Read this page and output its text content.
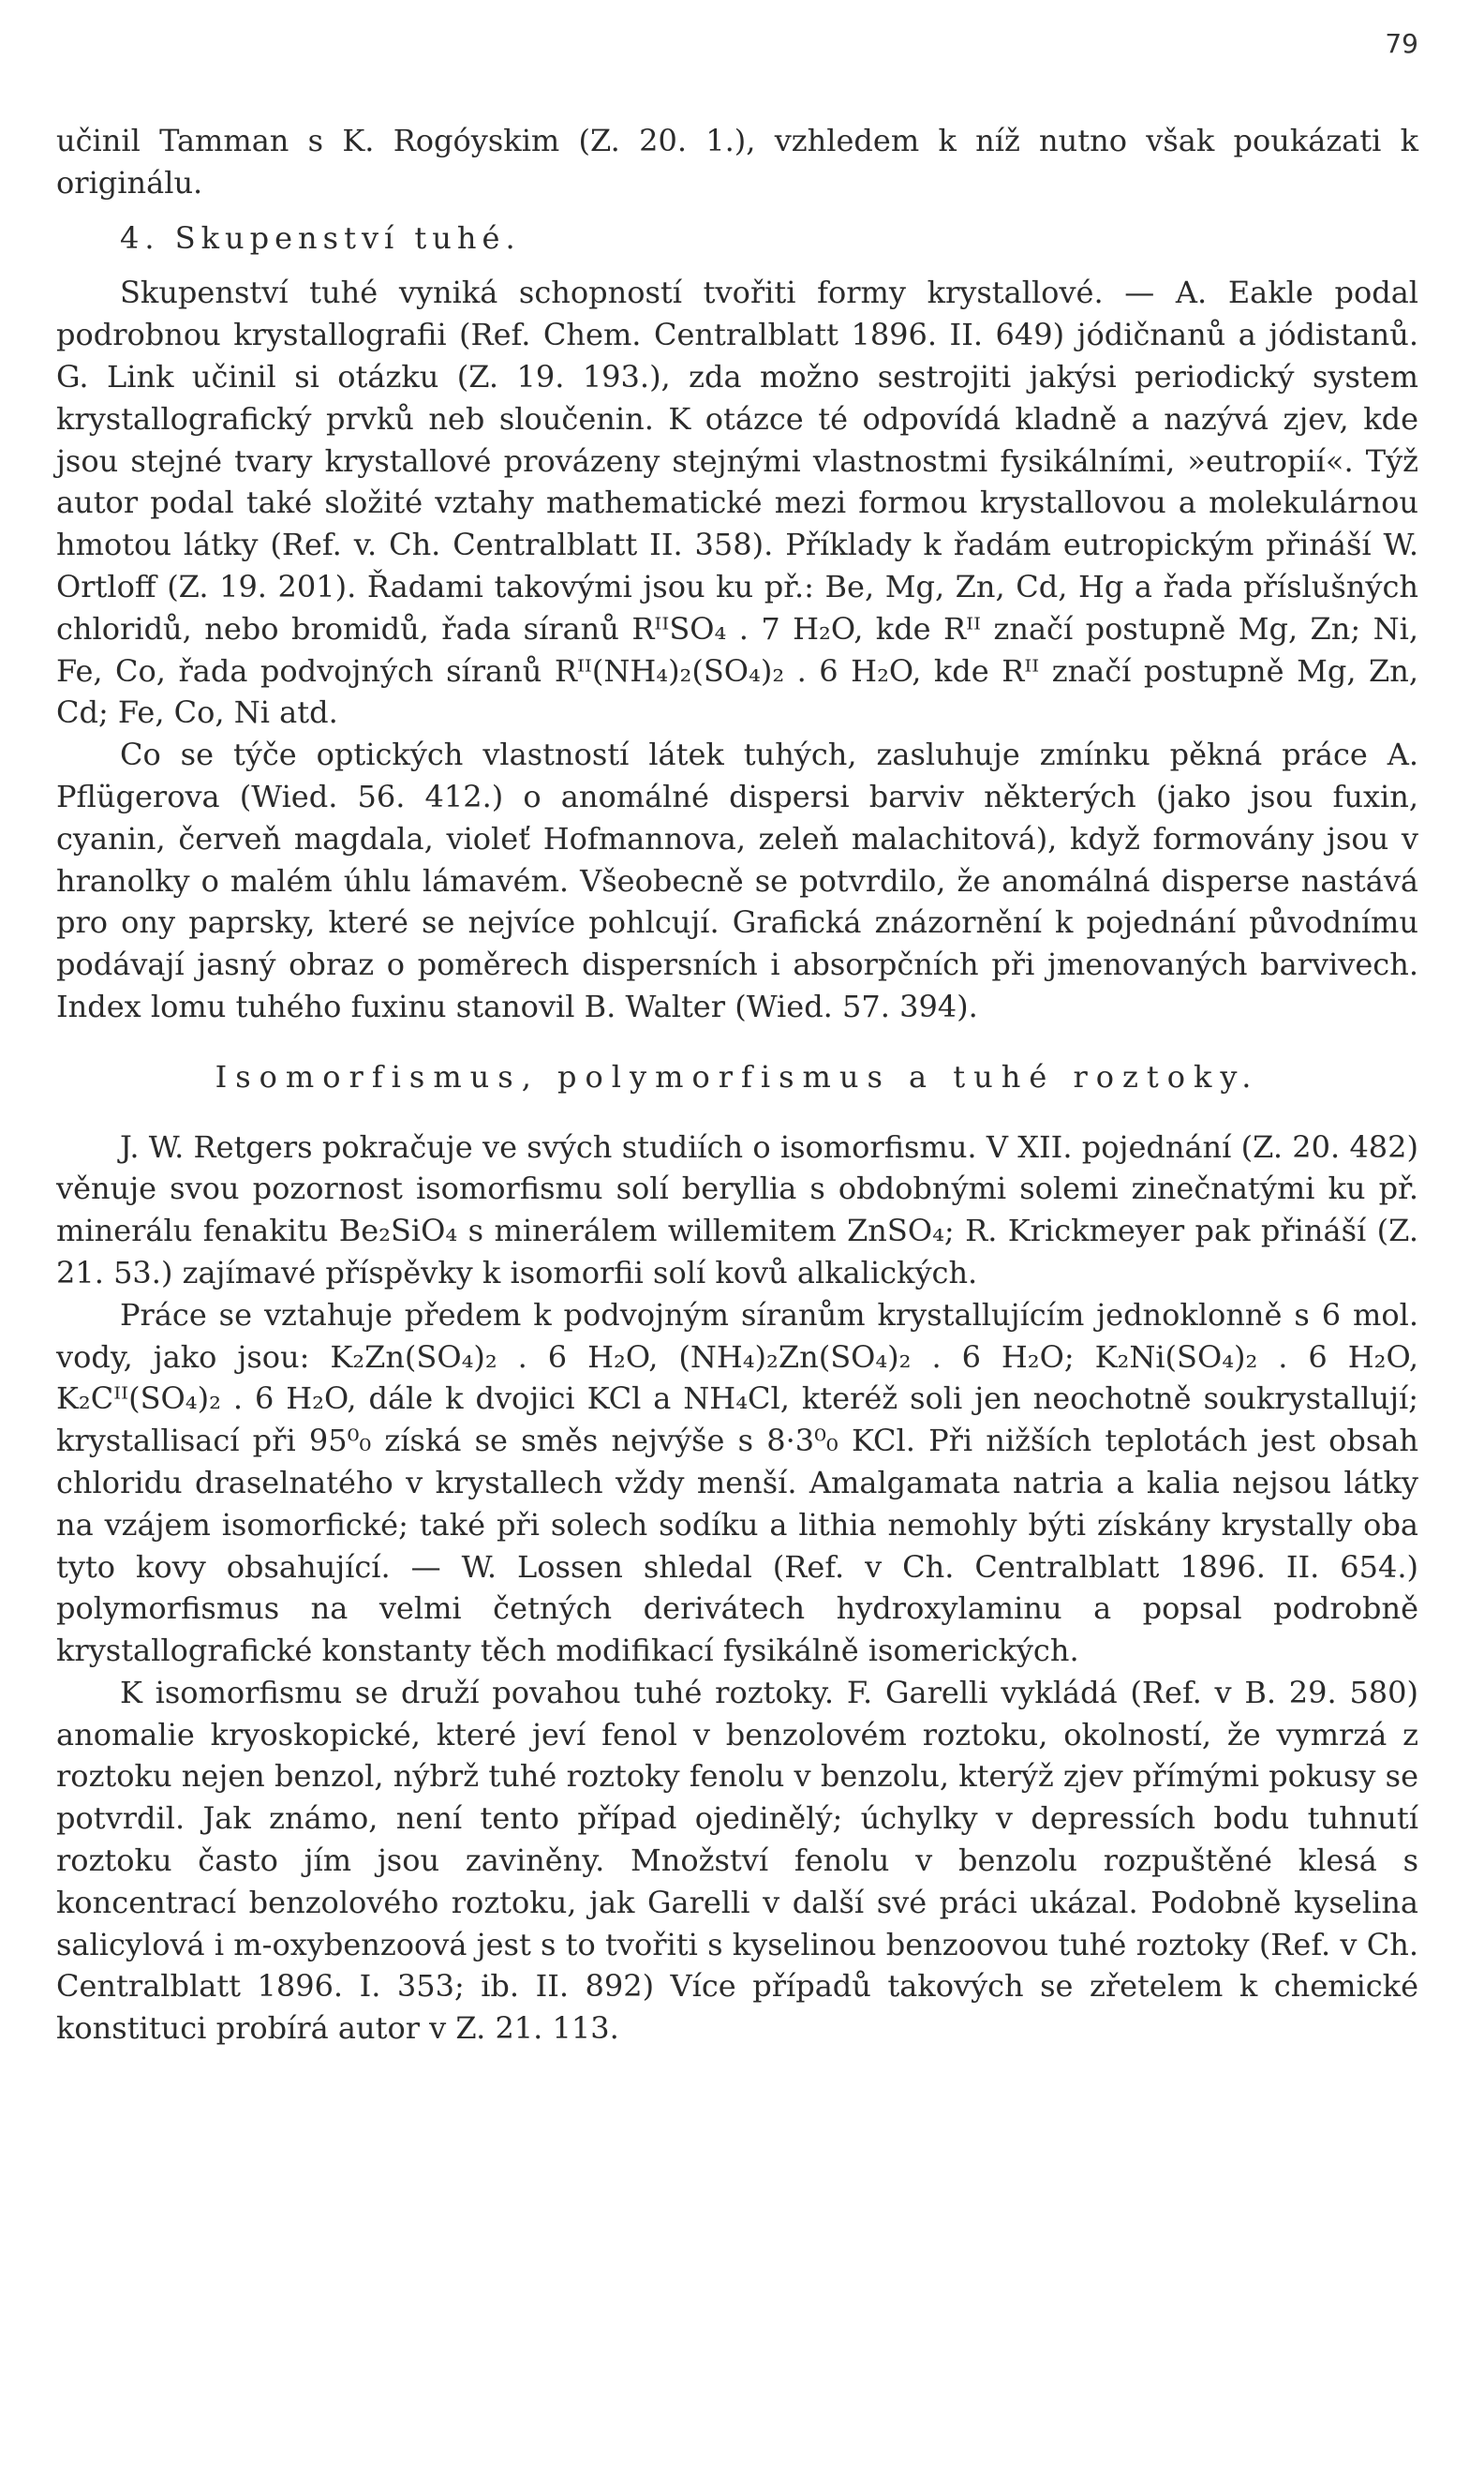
79

učinil Tamman s K. Rogóyskim (Z. 20. 1.), vzhledem k níž nutno však poukázati k originálu.

4. Skupenství tuhé.

Skupenství tuhé vyniká schopností tvořiti formy krystallové. — A. Eakle podal podrobnou krystallografii (Ref. Chem. Centralblatt 1896. II. 649) jódičnanů a jódistanů. G. Link učinil si otázku (Z. 19. 193.), zda možno sestrojiti jakýsi periodický system krystallografický prvků neb sloučenin. K otázce té odpovídá kladně a nazývá zjev, kde jsou stejné tvary krystallové provázeny stejnými vlastnostmi fysikálními, »eutropií«. Týž autor podal také složité vztahy mathematické mezi formou krystallovou a molekulárnou hmotou látky (Ref. v. Ch. Centralblatt II. 358). Příklady k řadám eutropickým přináší W. Ortloff (Z. 19. 201). Řadami takovými jsou ku př.: Be, Mg, Zn, Cd, Hg a řada příslušných chloridů, nebo bromidů, řada síranů RᴵᴵSO₄ . 7 H₂O, kde Rᴵᴵ značí postupně Mg, Zn; Ni, Fe, Co, řada podvojných síranů Rᴵᴵ(NH₄)₂(SO₄)₂ . 6 H₂O, kde Rᴵᴵ značí postupně Mg, Zn, Cd; Fe, Co, Ni atd.

Co se týče optických vlastností látek tuhých, zasluhuje zmínku pěkná práce A. Pflügerova (Wied. 56. 412.) o anomálné dispersi barviv některých (jako jsou fuxin, cyanin, červeň magdala, violeť Hofmannova, zeleň malachitová), když formovány jsou v hranolky o malém úhlu lámavém. Všeobecně se potvrdilo, že anomálná disperse nastává pro ony paprsky, které se nejvíce pohlcují. Grafická znázornění k pojednání původnímu podávají jasný obraz o poměrech dispersních i absorpčních při jmenovaných barvivech. Index lomu tuhého fuxinu stanovil B. Walter (Wied. 57. 394).

Isomorfismus, polymorfismus a tuhé roztoky.

J. W. Retgers pokračuje ve svých studiích o isomorfismu. V XII. pojednání (Z. 20. 482) věnuje svou pozornost isomorfismu solí beryllia s obdobnými solemi zinečnatými ku př. minerálu fenakitu Be₂SiO₄ s minerálem willemitem ZnSO₄; R. Krickmeyer pak přináší (Z. 21. 53.) zajímavé příspěvky k isomorfii solí kovů alkalických.

Práce se vztahuje předem k podvojným síranům krystallujícím jednoklonně s 6 mol. vody, jako jsou: K₂Zn(SO₄)₂ . 6 H₂O, (NH₄)₂Zn(SO₄)₂ . 6 H₂O; K₂Ni(SO₄)₂ . 6 H₂O, K₂Cᴵᴵ(SO₄)₂ . 6 H₂O, dále k dvojici KCl a NH₄Cl, kteréž soli jen neochotně soukrystallují; krystallisací při 95⁰₀ získá se směs nejvýše s 8·3⁰₀ KCl. Při nižších teplotách jest obsah chloridu draselnatého v krystallech vždy menší. Amalgamata natria a kalia nejsou látky na vzájem isomorfické; také při solech sodíku a lithia nemohly býti získány krystally oba tyto kovy obsahující. — W. Lossen shledal (Ref. v Ch. Centralblatt 1896. II. 654.) polymorfismus na velmi četných derivátech hydroxylaminu a popsal podrobně krystallografické konstanty těch modifikací fysikálně isomerických.

K isomorfismu se druží povahou tuhé roztoky. F. Garelli vykládá (Ref. v B. 29. 580) anomalie kryoskopické, které jeví fenol v benzolovém roztoku, okolností, že vymrzá z roztoku nejen benzol, nýbrž tuhé roztoky fenolu v benzolu, kterýž zjev přímými pokusy se potvrdil. Jak známo, není tento případ ojedinělý; úchylky v depressích bodu tuhnutí roztoku často jím jsou zaviněny. Množství fenolu v benzolu rozpuštěné klesá s koncentrací benzolového roztoku, jak Garelli v další své práci ukázal. Podobně kyselina salicylová i m-oxybenzoová jest s to tvořiti s kyselinou benzoovou tuhé roztoky (Ref. v Ch. Centralblatt 1896. I. 353; ib. II. 892) Více případů takových se zřetelem k chemické konstituci probírá autor v Z. 21. 113.
